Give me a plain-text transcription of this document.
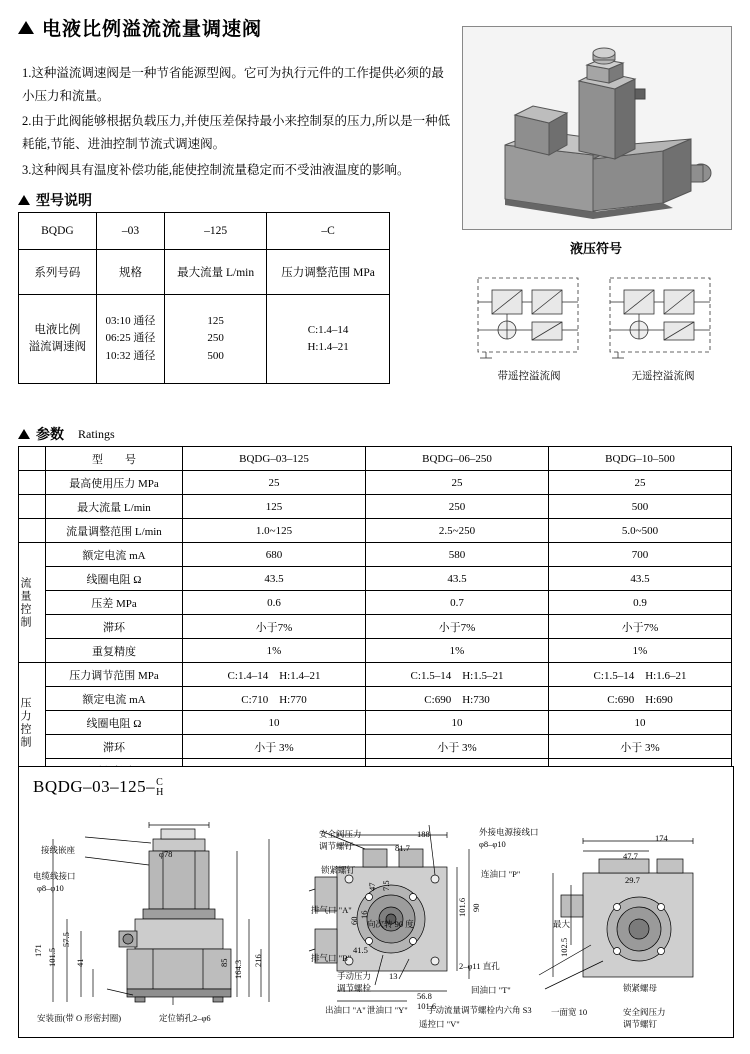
电液比例溢流流量调速阀

1.这种溢流调速阀是一种节省能源型阀。它可为执行元件的工作提供必须的最小压力和流量。

2.由于此阀能够根据负载压力,并使压差保持最小来控制泵的压力,所以是一种低耗能,节能、进油控制节流式调速阀。

3.这种阀具有温度补偿功能,能使控制流量稳定而不受油液温度的影响。

液压符号
带遥控溢流阀	无遥控溢流阀
型号说明
BQDG	–03	–125	–C
系列号码	规格	最大流量 L/min	压力调整范围 MPa

电液比例
溢流调速阀

03:10 通径
06:25 通径
10:32 通径

125
250
500

C:1.4–14
H:1.4–21
参数 Ratings
	型　　号	BQDG–03–125	BQDG–06–250	BQDG–10–500
	最高使用压力 MPa	25	25	25
	最大流量 L/min	125	250	500
	流量调整范围 L/min	1.0~125	2.5~250	5.0~500

流量控制	额定电流 mA	680	580	700
	线圈电阻 Ω	43.5	43.5	43.5
	压差 MPa	0.6	0.7	0.9
	滞环	小于7%	小于7%	小于7%
	重复精度	1%	1%	1%

压力控制	压力调节范围 MPa	C:1.4–14　H:1.4–21	C:1.5–14　H:1.5–21	C:1.5–14　H:1.6–21
	额定电流 mA	C:710　H:770	C:690　H:730	C:690　H:690
	线圈电阻 Ω	10	10	10
	滞环	小于 3%	小于 3%	小于 3%

BQDG–03–125– C
H
接线嵌座
电缆线接口
φ8–φ10
安装面(带 O 形密封圈)	定位销孔2–φ6
φ78
171 101.5
57.5
41	85 164.3 216
安全阀压力
调节螺钉
锁紧螺钉
排气口 "A"
排气口 "B"
向次转 90 度
手动压力
调节螺栓
外接电源接线口
φ8–φ10
连油口 "P"
回油口 "T"
2–φ11 直孔
手动流量调节螺栓内六角 S3
出油口 "A" 泄油口 "Y"
遥控口 "V"
188
81.7
47 7.5
101.6 90
56.8
101.6
60
16
41.5
13
174
47.7
29.7
102.5
最大
锁紧螺母
安全阀压力
调节螺钉
一面宽 10
